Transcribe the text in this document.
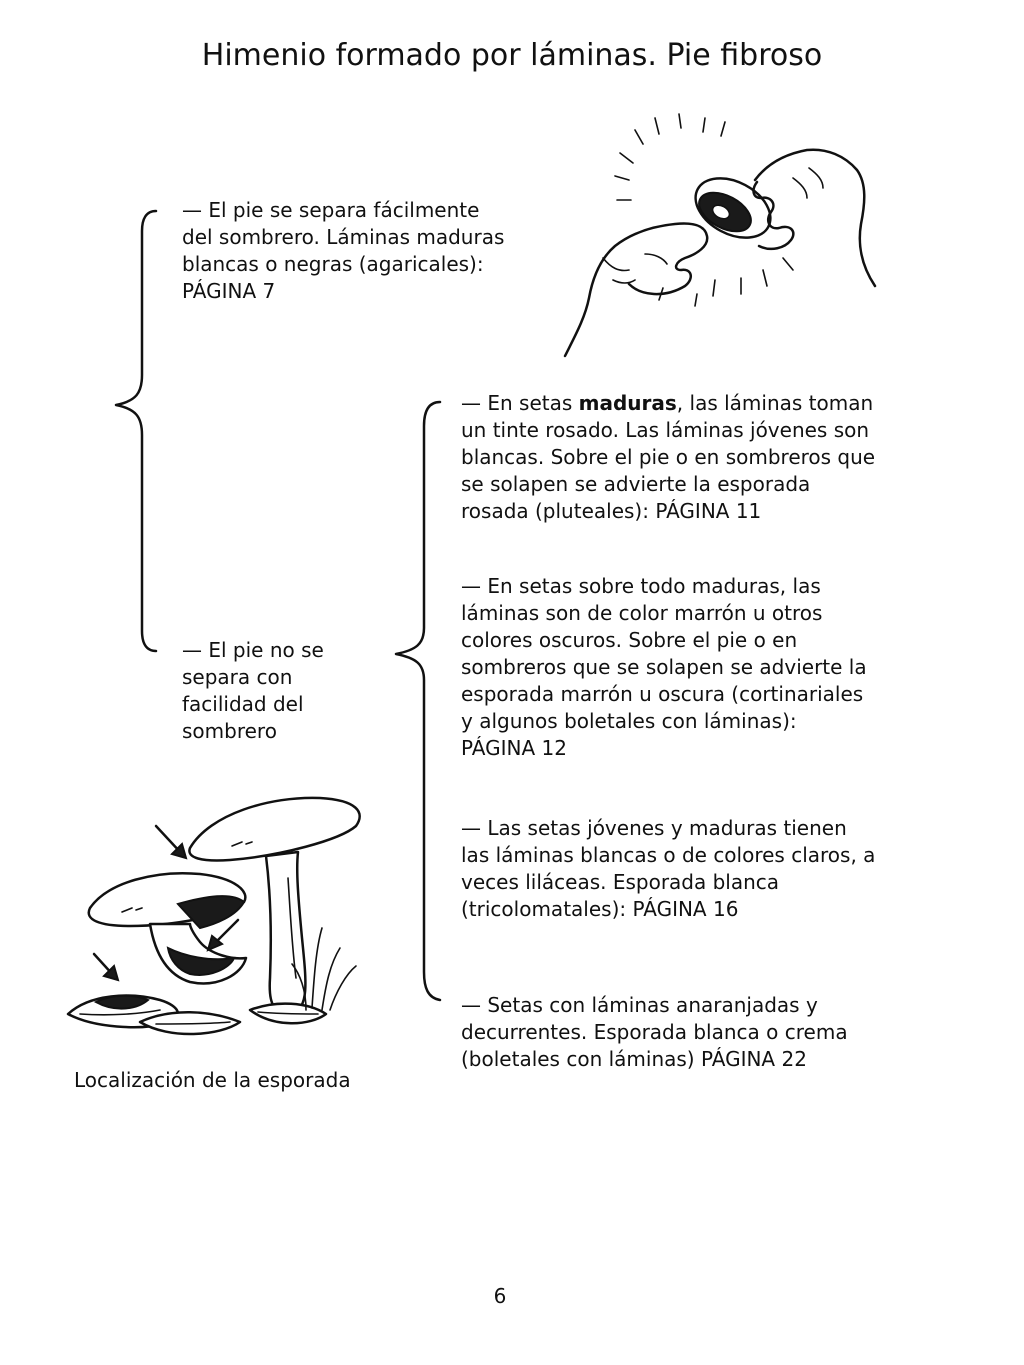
Himenio formado por láminas. Pie fibroso

— El pie se separa fácilmente

del sombrero. Láminas maduras

blancas o negras (agaricales):

PÁGINA 7

— El pie no se

separa con

facilidad del

sombrero

— En setas maduras, las láminas toman

un tinte rosado. Las láminas jóvenes son

blancas. Sobre el pie o en sombreros que

se solapen se advierte la esporada

rosada (pluteales): PÁGINA 11

— En setas sobre todo maduras, las

láminas son de color marrón u otros

colores oscuros. Sobre el pie o en

sombreros que se solapen se advierte la

esporada marrón u oscura (cortinariales

y algunos boletales con láminas):

PÁGINA 12

— Las setas jóvenes y maduras tienen

las láminas blancas o de colores claros, a

veces liláceas. Esporada blanca

(tricolomatales): PÁGINA 16

— Setas con láminas anaranjadas y

decurrentes. Esporada blanca o crema

(boletales con láminas) PÁGINA 22

Localización de la esporada
6
